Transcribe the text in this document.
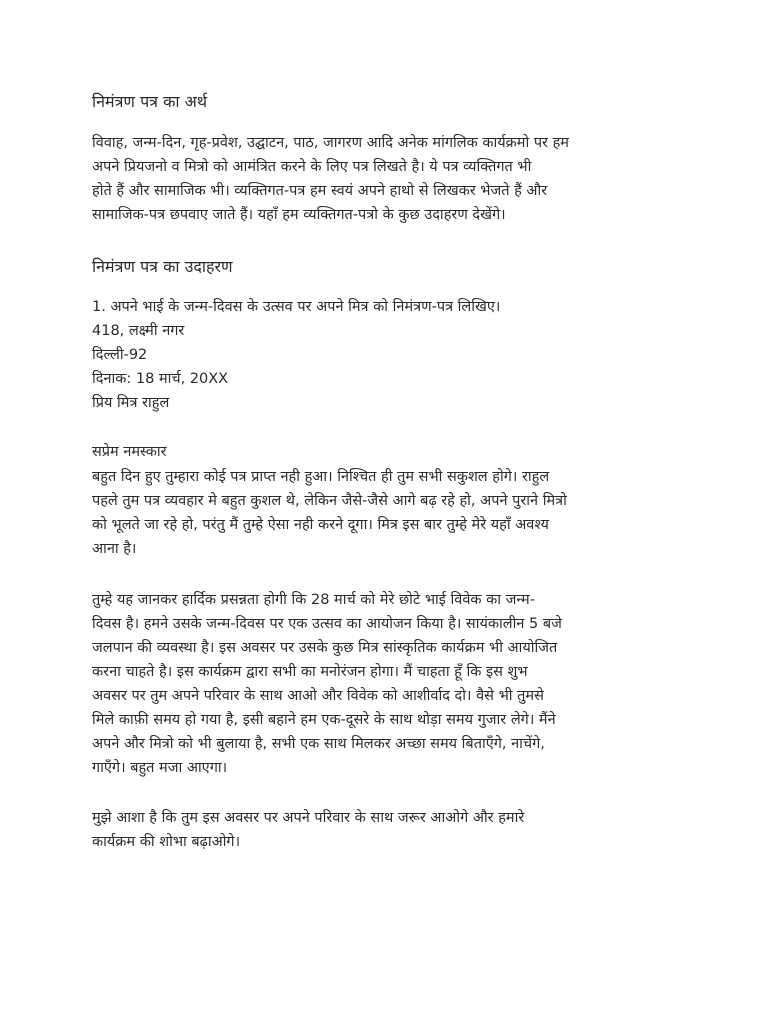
निमंत्रण पत्र का अर्थ
विवाह, जन्म-दिन, गृह-प्रवेश, उद्घाटन, पाठ, जागरण आदि अनेक मांगलिक कार्यक्रमो पर हम
अपने प्रियजनो व मित्रो को आमंत्रित करने के लिए पत्र लिखते है। ये पत्र व्यक्तिगत भी
होते हैं और सामाजिक भी। व्यक्तिगत-पत्र हम स्वयं अपने हाथो से लिखकर भेजते हैं और
सामाजिक-पत्र छपवाए जाते हैं। यहाँ हम व्यक्तिगत-पत्रो के कुछ उदाहरण देखेंगे।
निमंत्रण पत्र का उदाहरण
1. अपने भाई के जन्म-दिवस के उत्सव पर अपने मित्र को निमंत्रण-पत्र लिखिए।
418, लक्ष्मी नगर
दिल्ली-92
दिनाक: 18 मार्च, 20XX
प्रिय मित्र राहुल
सप्रेम नमस्कार
बहुत दिन हुए तुम्हारा कोई पत्र प्राप्त नही हुआ। निश्चित ही तुम सभी सकुशल होगे। राहुल
पहले तुम पत्र व्यवहार मे बहुत कुशल थे, लेकिन जैसे-जैसे आगे बढ़ रहे हो, अपने पुराने मित्रो
को भूलते जा रहे हो, परंतु मैं तुम्हे ऐसा नही करने दूगा। मित्र इस बार तुम्हे मेरे यहाँ अवश्य
आना है।
तुम्हे यह जानकर हार्दिक प्रसन्नता होगी कि 28 मार्च को मेरे छोटे भाई विवेक का जन्म-
दिवस है। हमने उसके जन्म-दिवस पर एक उत्सव का आयोजन किया है। सायंकालीन 5 बजे
जलपान की व्यवस्था है। इस अवसर पर उसके कुछ मित्र सांस्कृतिक कार्यक्रम भी आयोजित
करना चाहते है। इस कार्यक्रम द्वारा सभी का मनोरंजन होगा। मैं चाहता हूँ कि इस शुभ
अवसर पर तुम अपने परिवार के साथ आओ और विवेक को आशीर्वाद दो। वैसे भी तुमसे
मिले काफ़ी समय हो गया है, इसी बहाने हम एक-दूसरे के साथ थोड़ा समय गुजार लेगे। मैंने
अपने और मित्रो को भी बुलाया है, सभी एक साथ मिलकर अच्छा समय बिताएँगे, नाचेंगे,
गाएँगे। बहुत मजा आएगा।
मुझे आशा है कि तुम इस अवसर पर अपने परिवार के साथ जरूर आओगे और हमारे
कार्यक्रम की शोभा बढ़ाओगे।
